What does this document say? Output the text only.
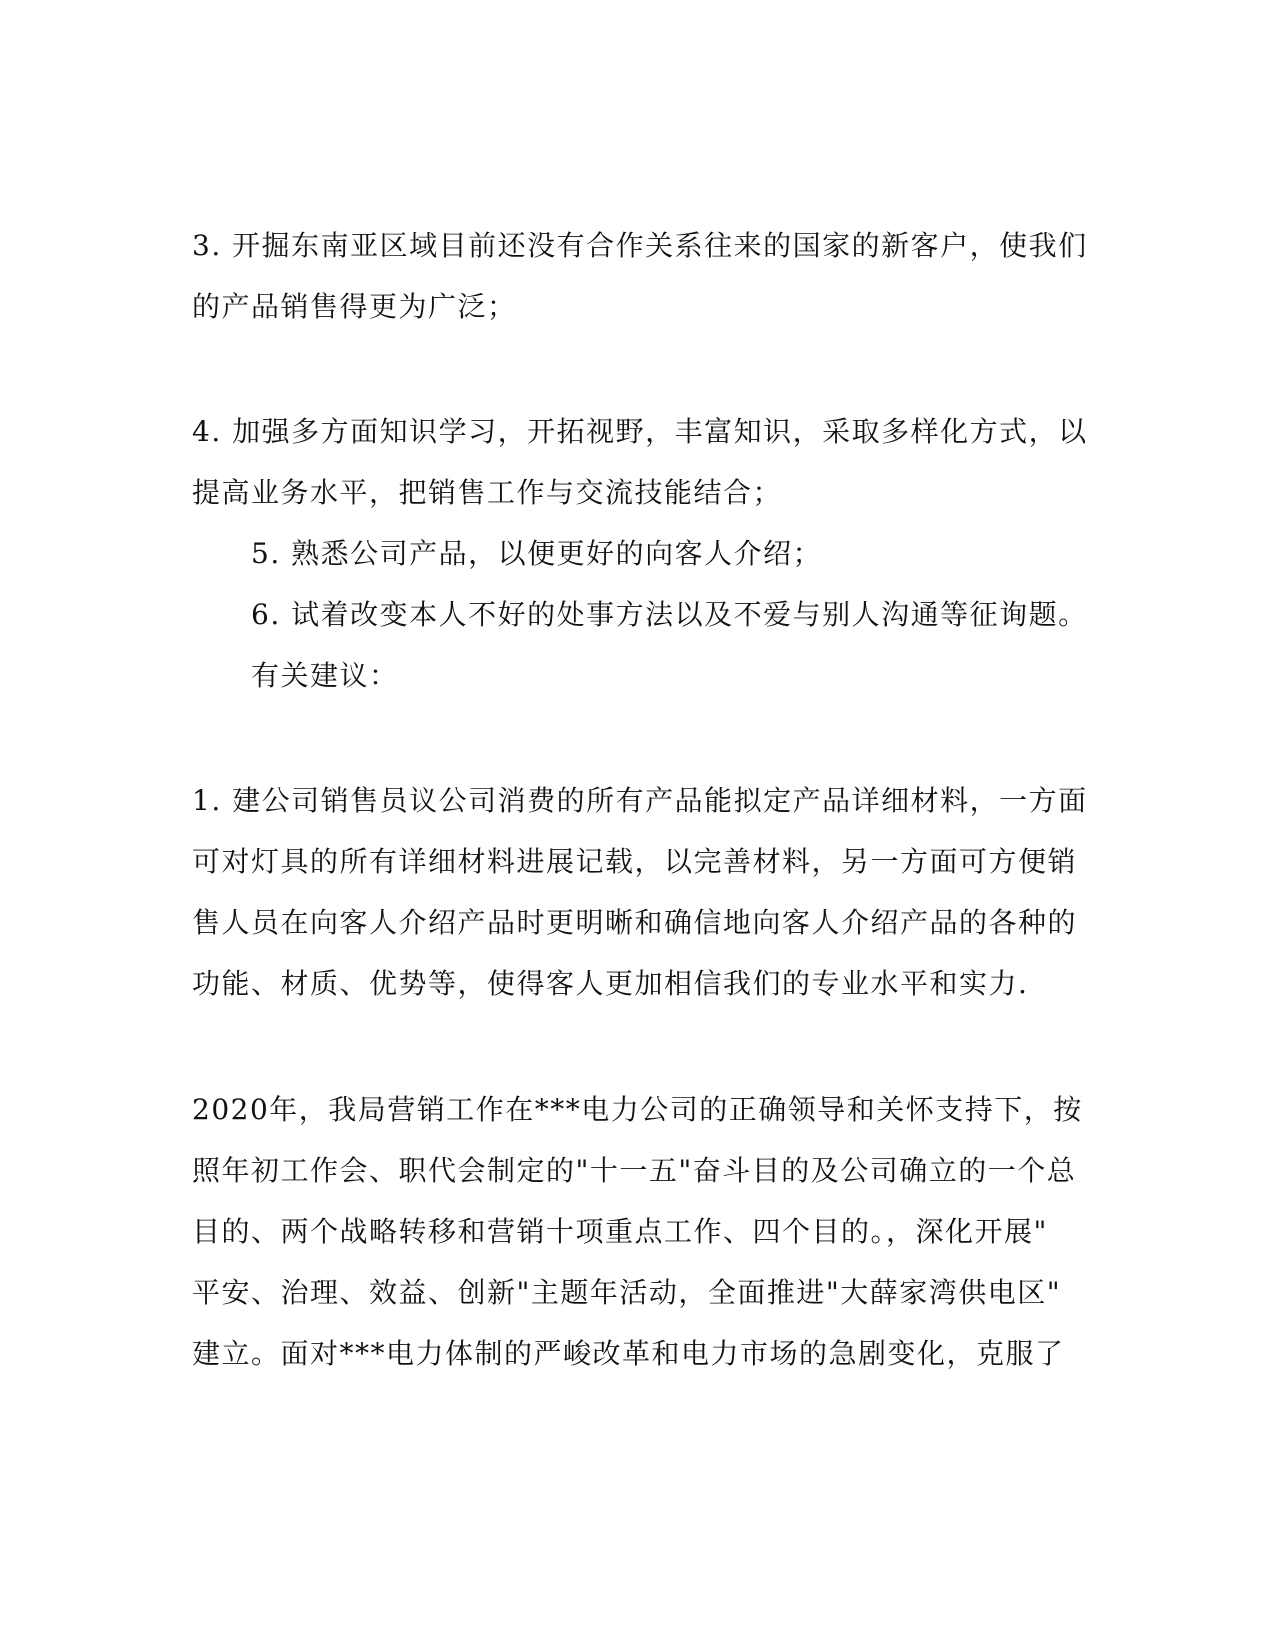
3. 开掘东南亚区域目前还没有合作关系往来的国家的新客户，使我们
的产品销售得更为广泛；
4. 加强多方面知识学习，开拓视野，丰富知识，采取多样化方式，以
提高业务水平，把销售工作与交流技能结合；
5. 熟悉公司产品，以便更好的向客人介绍；
6. 试着改变本人不好的处事方法以及不爱与别人沟通等征询题。
有关建议：
1. 建公司销售员议公司消费的所有产品能拟定产品详细材料，一方面
可对灯具的所有详细材料进展记载，以完善材料，另一方面可方便销
售人员在向客人介绍产品时更明晰和确信地向客人介绍产品的各种的
功能、材质、优势等，使得客人更加相信我们的专业水平和实力.
2020年，我局营销工作在***电力公司的正确领导和关怀支持下，按
照年初工作会、职代会制定的"十一五"奋斗目的及公司确立的一个总
目的、两个战略转移和营销十项重点工作、四个目的。，深化开展"
平安、治理、效益、创新"主题年活动，全面推进"大薛家湾供电区"
建立。面对***电力体制的严峻改革和电力市场的急剧变化，克服了
